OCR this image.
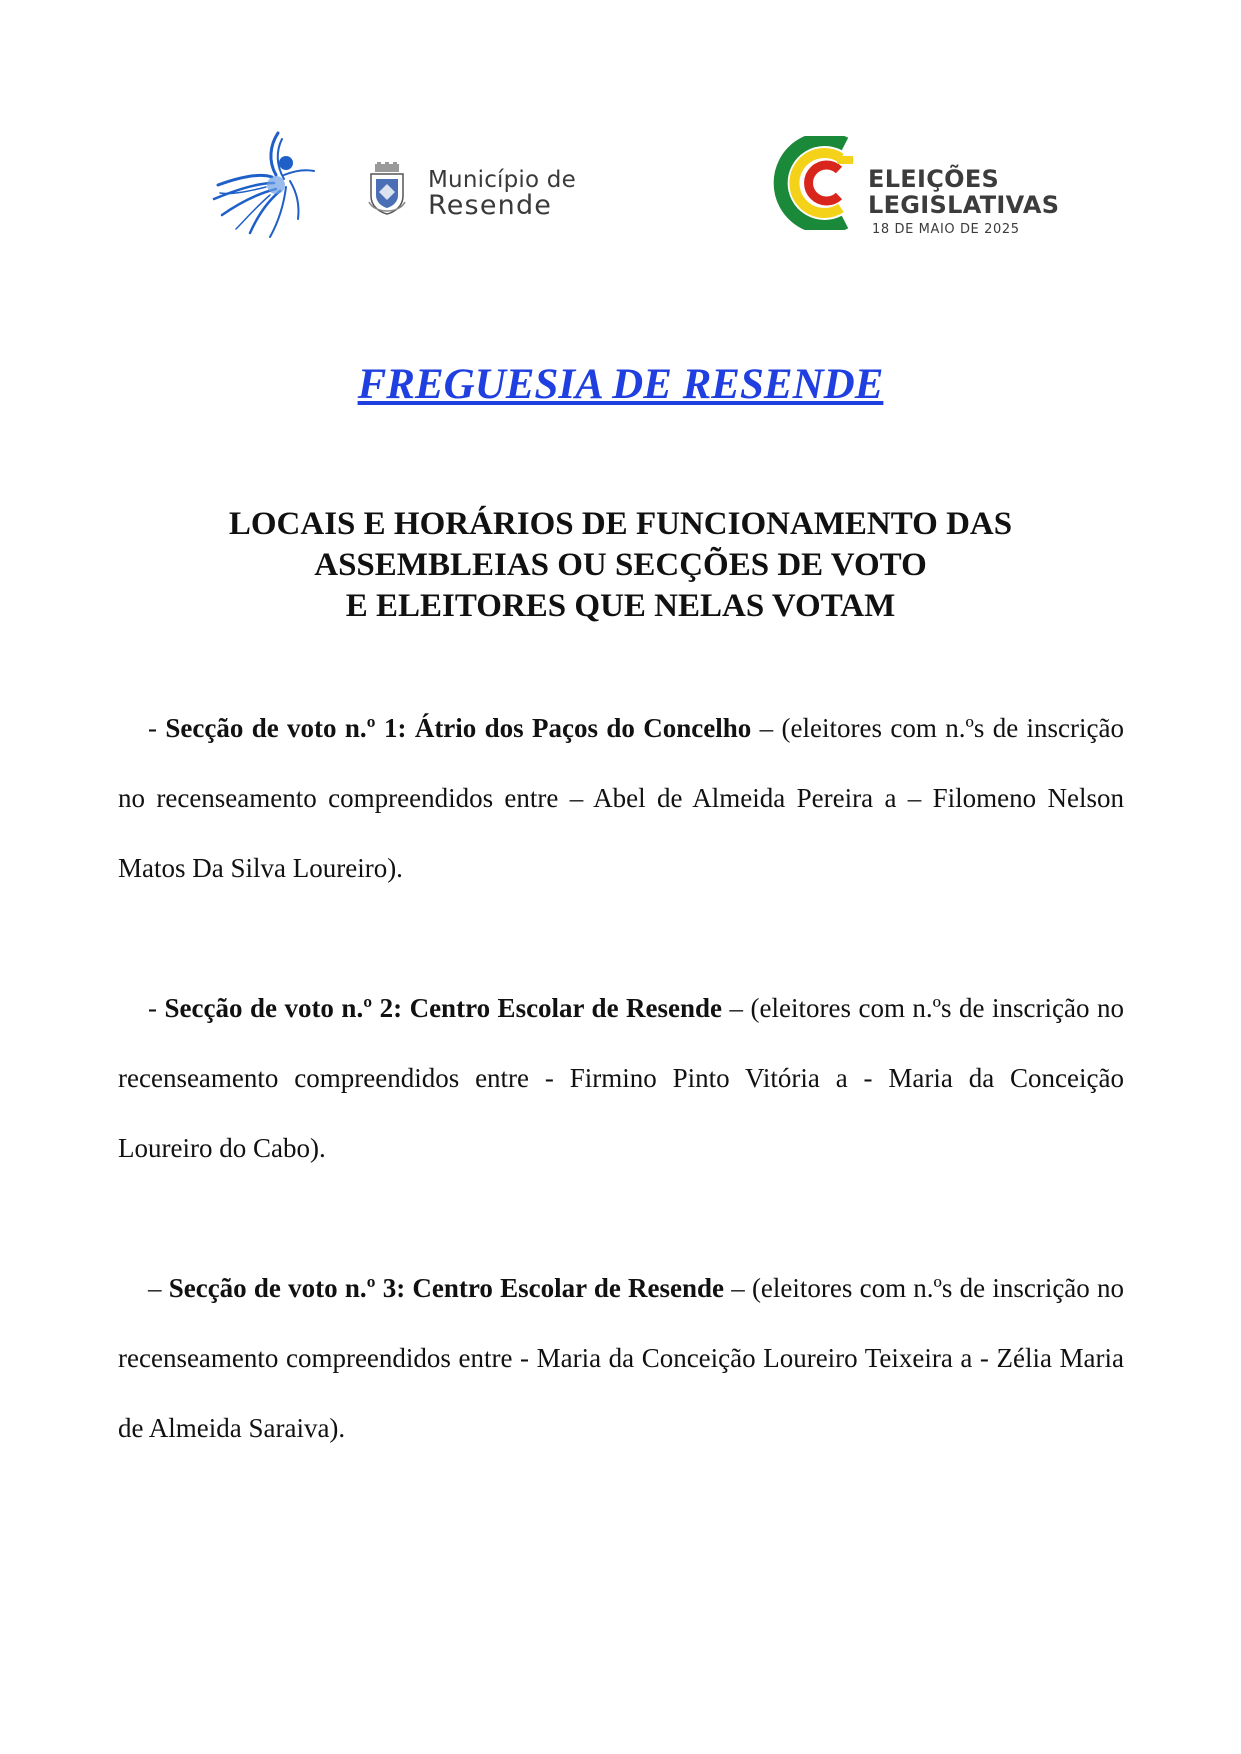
Município de
Resende
ELEIÇÕES
LEGISLATIVAS
18 DE MAIO DE 2025
FREGUESIA DE RESENDE
LOCAIS E HORÁRIOS DE FUNCIONAMENTO DAS
ASSEMBLEIAS OU SECÇÕES DE VOTO
E ELEITORES QUE NELAS VOTAM

- Secção de voto n.º 1: Átrio dos Paços do Concelho – (eleitores com n.ºs de inscrição no recenseamento compreendidos entre – Abel de Almeida Pereira a – Filomeno Nelson Matos Da Silva Loureiro).

- Secção de voto n.º 2: Centro Escolar de Resende – (eleitores com n.ºs de inscrição no recenseamento compreendidos entre - Firmino Pinto Vitória a - Maria da Conceição Loureiro do Cabo).

– Secção de voto n.º 3: Centro Escolar de Resende – (eleitores com n.ºs de inscrição no recenseamento compreendidos entre - Maria da Conceição Loureiro Teixeira a - Zélia Maria de Almeida Saraiva).
